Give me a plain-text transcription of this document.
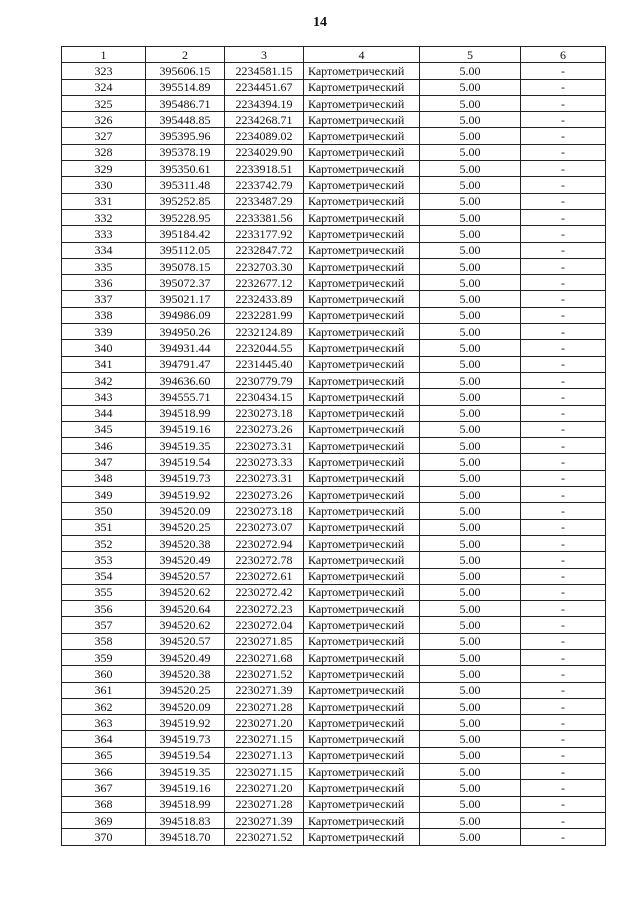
14
1	2	3	4	5	6
323	395606.15	2234581.15	Картометрический	5.00	-
324	395514.89	2234451.67	Картометрический	5.00	-
325	395486.71	2234394.19	Картометрический	5.00	-
326	395448.85	2234268.71	Картометрический	5.00	-
327	395395.96	2234089.02	Картометрический	5.00	-
328	395378.19	2234029.90	Картометрический	5.00	-
329	395350.61	2233918.51	Картометрический	5.00	-
330	395311.48	2233742.79	Картометрический	5.00	-
331	395252.85	2233487.29	Картометрический	5.00	-
332	395228.95	2233381.56	Картометрический	5.00	-
333	395184.42	2233177.92	Картометрический	5.00	-
334	395112.05	2232847.72	Картометрический	5.00	-
335	395078.15	2232703.30	Картометрический	5.00	-
336	395072.37	2232677.12	Картометрический	5.00	-
337	395021.17	2232433.89	Картометрический	5.00	-
338	394986.09	2232281.99	Картометрический	5.00	-
339	394950.26	2232124.89	Картометрический	5.00	-
340	394931.44	2232044.55	Картометрический	5.00	-
341	394791.47	2231445.40	Картометрический	5.00	-
342	394636.60	2230779.79	Картометрический	5.00	-
343	394555.71	2230434.15	Картометрический	5.00	-
344	394518.99	2230273.18	Картометрический	5.00	-
345	394519.16	2230273.26	Картометрический	5.00	-
346	394519.35	2230273.31	Картометрический	5.00	-
347	394519.54	2230273.33	Картометрический	5.00	-
348	394519.73	2230273.31	Картометрический	5.00	-
349	394519.92	2230273.26	Картометрический	5.00	-
350	394520.09	2230273.18	Картометрический	5.00	-
351	394520.25	2230273.07	Картометрический	5.00	-
352	394520.38	2230272.94	Картометрический	5.00	-
353	394520.49	2230272.78	Картометрический	5.00	-
354	394520.57	2230272.61	Картометрический	5.00	-
355	394520.62	2230272.42	Картометрический	5.00	-
356	394520.64	2230272.23	Картометрический	5.00	-
357	394520.62	2230272.04	Картометрический	5.00	-
358	394520.57	2230271.85	Картометрический	5.00	-
359	394520.49	2230271.68	Картометрический	5.00	-
360	394520.38	2230271.52	Картометрический	5.00	-
361	394520.25	2230271.39	Картометрический	5.00	-
362	394520.09	2230271.28	Картометрический	5.00	-
363	394519.92	2230271.20	Картометрический	5.00	-
364	394519.73	2230271.15	Картометрический	5.00	-
365	394519.54	2230271.13	Картометрический	5.00	-
366	394519.35	2230271.15	Картометрический	5.00	-
367	394519.16	2230271.20	Картометрический	5.00	-
368	394518.99	2230271.28	Картометрический	5.00	-
369	394518.83	2230271.39	Картометрический	5.00	-
370	394518.70	2230271.52	Картометрический	5.00	-
